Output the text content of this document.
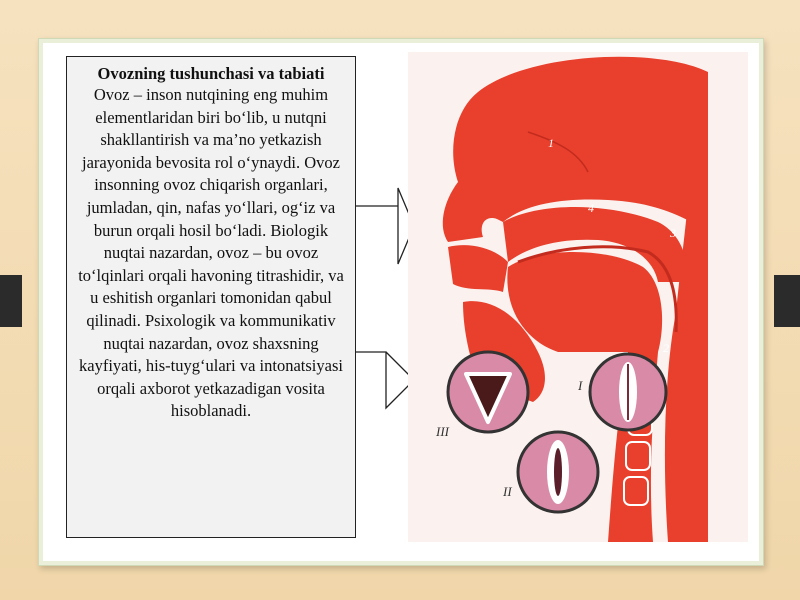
Ovozning tushunchasi va tabiati

Ovoz – inson nutqining eng muhim elementlaridan biri bo‘lib, u nutqni shakllantirish va ma’no yetkazish jarayonida bevosita rol o‘ynaydi. Ovoz insonning ovoz chiqarish organlari, jumladan, qin, nafas yo‘llari, og‘iz va burun orqali hosil bo‘ladi. Biologik nuqtai nazardan, ovoz – bu ovoz to‘lqinlari orqali havoning titrashidir, va u eshitish organlari tomonidan qabul qilinadi. Psixologik va kommunikativ nuqtai nazardan, ovoz shaxsning kayfiyati, his-tuyg‘ulari va intonatsiyasi orqali axborot yetkazadigan vosita hisoblanadi.

1
2
3
4
III
I
II
